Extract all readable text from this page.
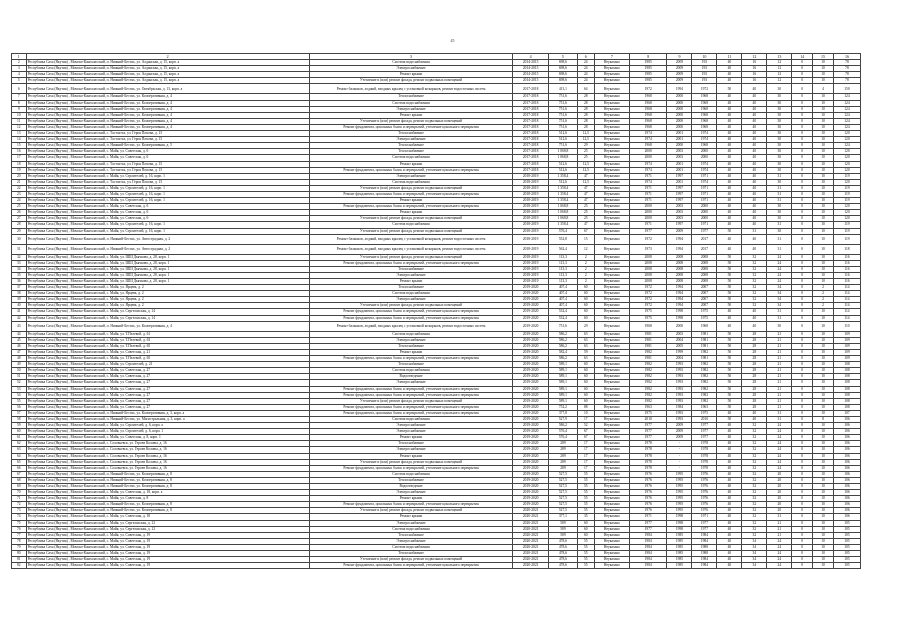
45
1	2	3	4	5	6	7	8	9	10	11	12	13	14	15	16
2	Республика Саха (Якутия) , Момско-Кангаласский, п. Нижний-Бестях, ул. Алданская, д. 15, корп. а	Система водоснабжения	2014-2015	698,6	24	Неуказано	1985	2009	193	40	16	12	0	10	78
3	Республика Саха (Якутия) , Момско-Кангаласский, п. Нижний-Бестях, ул. Алданская, д. 15, корп. а	Электроснабжение	2014-2015	698,6	24	Неуказано	1985	2009	193	40	16	12	0	10	78
4	Республика Саха (Якутия) , Момско-Кангаласский, п. Нижний-Бестях, ул. Алданская, д. 15, корп. а	Ремонт крыши	2014-2015	698,6	24	Неуказано	1985	2009	193	40	16	12	0	10	78
5	Республика Саха (Якутия) , Момско-Кангаласский, п. Нижний-Бестях, ул. Алданская, д. 15, корп. а	Утепление и (или) ремонт фасада, ремонт подвальных помещений	2014-2015	698,6	24	Неуказано	1985	2009	193	40	16	12	0	10	78
6	Республика Саха (Якутия) , Момско-Кангаласский, п. Нижний-Бестях, ул. Октябрьская, д. 13, корп. а	Ремонт балконов, лоджий, входных крылец с установкой козырьков, ремонт водосточных систем	2017-2018	413,1	64	Неуказано	1972	1994	1972	50	40	30	0	4	150
7	Республика Саха (Якутия) , Момско-Кангаласский, п. Нижний-Бестях, ул. Кооперативная, д. 4	Теплоснабжение	2017-2018	751,6	28	Неуказано	1968	2000	1968	40	40	30	0	10	124
8	Республика Саха (Якутия) , Момско-Кангаласский, п. Нижний-Бестях, ул. Кооперативная, д. 4	Система водоснабжения	2017-2018	751,6	28	Неуказано	1968	2000	1968	40	40	30	0	10	124
9	Республика Саха (Якутия) , Момско-Кангаласский, п. Нижний-Бестях, ул. Кооперативная, д. 4	Электроснабжение	2017-2018	751,6	28	Неуказано	1968	2000	1968	40	40	30	0	10	124
10	Республика Саха (Якутия) , Момско-Кангаласский, п. Нижний-Бестях, ул. Кооперативная, д. 4	Ремонт крыши	2017-2018	751,6	28	Неуказано	1968	2000	1968	40	40	30	0	10	124
11	Республика Саха (Якутия) , Момско-Кангаласский, п. Нижний-Бестях, ул. Кооперативная, д. 4	Утепление и (или) ремонт фасада, ремонт подвальных помещений	2017-2018	751,6	28	Неуказано	1968	2000	1968	40	40	30	0	10	124
12	Республика Саха (Якутия) , Момско-Кангаласский, п. Нижний-Бестях, ул. Кооперативная, д. 4	Ремонт фундамента, цокольных балок и перекрытий, утепление цокольного перекрытия	2017-2018	751,6	28	Неуказано	1968	2000	1968	40	40	30	0	10	124
13	Республика Саха (Якутия) , Момско-Кангаласский, с. Тастахтах, ул. Героя Попова, д. 15	Теплоснабжение	2017-2018	512,6	12,5	Неуказано	1974	2001	1974	40	40	30	0	10	120
14	Республика Саха (Якутия) , Момско-Кангаласский, с. Тастахтах, ул. Героя Попова, д. 15	Электроснабжение	2017-2018	512,6	12,5	Неуказано	1974	2001	1974	40	40	30	0	10	120
15	Республика Саха (Якутия) , Момско-Кангаласский, п. Нижний-Бестях, ул. Кооперативная, д. 5	Теплоснабжение	2017-2018	751,6	29	Неуказано	1968	2000	1968	40	40	30	0	10	124
16	Республика Саха (Якутия) , Момско-Кангаласский, с. Майя, ул. Советская, д. 6	Теплоснабжение	2017-2018	1 068,8	25	Неуказано	2000	2003	2000	40	40	30	0	10	120
17	Республика Саха (Якутия) , Момско-Кангаласский, с. Майя, ул. Советская, д. 6	Система водоснабжения	2017-2018	1 068,8	25	Неуказано	2000	2003	2000	40	40	30	0	10	120
18	Республика Саха (Якутия) , Момско-Кангаласский, с. Тастахтах, ул. Героя Попова, д. 15	Ремонт крыши	2017-2018	512,6	12,5	Неуказано	1974	2001	1974	40	40	30	0	10	120
19	Республика Саха (Якутия) , Момско-Кангаласский, с. Тастахтах, ул. Героя Попова, д. 15	Ремонт фундамента, цокольных балок и перекрытий, утепление цокольного перекрытия	2017-2018	512,6	12,5	Неуказано	1974	2001	1974	40	40	30	0	10	120
20	Республика Саха (Якутия) , Момско-Кангаласский, с. Майя, ул. Строителей, д. 16, корп. 1	Электроснабжение	2018-2019	1 358,4	47	Неуказано	1971	1997	1971	40	40	31	0	10	119
21	Республика Саха (Якутия) , Момско-Кангаласский, с. Тастахтах, ул. Героя Попова, д. 15	Система водоснабжения	2018-2019	512,6	12,5	Неуказано	1974	2001	1974	40	40	30	0	10	120
22	Республика Саха (Якутия) , Момско-Кангаласский, с. Майя, ул. Строителей, д. 16, корп. 1	Утепление и (или) ремонт фасада, ремонт подвальных помещений	2018-2019	1 358,4	47	Неуказано	1971	1997	1971	40	40	31	0	10	119
23	Республика Саха (Якутия) , Момско-Кангаласский, с. Майя, ул. Строителей, д. 16, корп. 1	Ремонт фундамента, цокольных балок и перекрытий, утепление цокольного перекрытия	2018-2019	1 358,4	47	Неуказано	1971	1997	1971	40	40	31	0	10	119
24	Республика Саха (Якутия) , Момско-Кангаласский, с. Майя, ул. Строителей, д. 16, корп. 1	Ремонт крыши	2018-2019	1 358,4	47	Неуказано	1971	1997	1971	40	40	31	0	10	119
25	Республика Саха (Якутия) , Момско-Кангаласский, с. Майя, ул. Советская, д. 6	Ремонт фундамента, цокольных балок и перекрытий, утепление цокольного перекрытия	2018-2019	1 068,8	25	Неуказано	2000	2003	2000	40	40	30	0	10	120
26	Республика Саха (Якутия) , Момско-Кангаласский, с. Майя, ул. Советская, д. 6	Ремонт крыши	2018-2019	1 068,8	25	Неуказано	2000	2003	2000	40	40	30	0	10	120
27	Республика Саха (Якутия) , Момско-Кангаласский, с. Майя, ул. Советская, д. 6	Утепление и (или) ремонт фасада, ремонт подвальных помещений	2018-2019	1 068,8	25	Неуказано	2000	2003	2000	40	40	30	0	10	120
28	Республика Саха (Якутия) , Момско-Кангаласский, с. Майя, ул. Строителей, д. 16, корп. 1	Система водоснабжения	2018-2019	1 358,4	47	Неуказано	1971	1997	1971	40	40	31	0	10	119
29	Республика Саха (Якутия) , Момско-Кангаласский, с. Майя, ул. Строителей, д. 16, корп. 1	Утепление и (или) ремонт фасада, ремонт подвальных помещений	2018-2019	576,4	67	Неуказано	1977	2009	1977	50	31	30	0	10	119
30	Республика Саха (Якутия) , Момско-Кангаласский, п. Нижний-Бестях, ул. Автострадная, д. 2	Ремонт балконов, лоджий, входных крылец с установкой козырьков, ремонт водосточных систем	2018-2019	552,8	15	Неуказано	1972	1994	2017	40	40	31	0	10	119
31	Республика Саха (Якутия) , Момско-Кангаласский, п. Нижний-Бестях, ул. Автострадная, д. 2	Ремонт балконов, лоджий, входных крылец с установкой козырьков, ремонт водосточных систем	2018-2019	562,4	12	Неуказано	1973	1994	2017	40	40	31	0	10	118
32	Республика Саха (Якутия) , Момско-Кангаласский, с. Майя, ул. ШШ Дьячкова, д. 28, корп. 1	Утепление и (или) ремонт фасада, ремонт подвальных помещений	2018-2019	113,3	2	Неуказано	2008	2008	2008	50	32	24	0	10	116
33	Республика Саха (Якутия) , Момско-Кангаласский, с. Майя, ул. ШШ Дьячкова, д. 28, корп. 1	Ремонт фундамента, цокольных балок и перекрытий, утепление цокольного перекрытия	2018-2019	113,3	2	Неуказано	2008	2008	2008	50	32	24	0	10	116
34	Республика Саха (Якутия) , Момско-Кангаласский, с. Майя, ул. ШШ Дьячкова, д. 28, корп. 1	Теплоснабжение	2018-2019	113,3	2	Неуказано	2008	2008	2008	50	32	24	0	10	116
35	Республика Саха (Якутия) , Момско-Кангаласский, с. Майя, ул. ШШ Дьячкова, д. 28, корп. 1	Электроснабжение	2018-2019	113,3	2	Неуказано	2008	2008	2008	50	32	24	0	10	116
36	Республика Саха (Якутия) , Момско-Кангаласский, с. Майя, ул. ШШ Дьячкова, д. 28, корп. 1	Ремонт крыши	2018-2019	113,3	2	Неуказано	2008	2008	2008	50	32	24	0	10	116
37	Республика Саха (Якутия) , Момско-Кангаласский, с. Майя, ул. Ярцева, д. 2	Теплоснабжение	2019-2020	407,4	60	Неуказано	1972	1994	2007	50	32	34	0	2	114
38	Республика Саха (Якутия) , Момско-Кангаласский, с. Майя, ул. Ярцева, д. 2	Система водоснабжения	2019-2020	407,4	60	Неуказано	1972	1994	2007	50	32	34	0	2	114
39	Республика Саха (Якутия) , Момско-Кангаласский, с. Майя, ул. Ярцева, д. 2	Электроснабжение	2019-2020	407,4	60	Неуказано	1972	1994	2007	50	32	34	0	2	114
40	Республика Саха (Якутия) , Момско-Кангаласский, с. Майя, ул. Ярцева, д. 2	Утепление и (или) ремонт фасада, ремонт подвальных помещений	2019-2020	407,4	60	Неуказано	1972	1994	2007	50	32	34	0	2	114
41	Республика Саха (Якутия) , Момско-Кангаласский, с. Майя, ул. Сергеляхская, д. 14	Ремонт фундамента, цокольных балок и перекрытий, утепление цокольного перекрытия	2019-2020	532,4	60	Неуказано	1975	1998	1975	40	40	31	0	10	114
42	Республика Саха (Якутия) , Момско-Кангаласский, с. Майя, ул. Сергеляхская, д. 14	Ремонт фундамента, цокольных балок и перекрытий, утепление цокольного перекрытия	2019-2020	532,4	60	Неуказано	1975	1998	1975	40	40	31	0	10	114
43	Республика Саха (Якутия) , Момско-Кангаласский, п. Нижний-Бестях, ул. Кооперативная, д. 4	Ремонт балконов, лоджий, входных крылец с установкой козырьков, ремонт водосточных систем	2019-2020	751,6	29	Неуказано	1968	2000	1968	40	40	30	0	10	110
44	Республика Саха (Якутия) , Момско-Кангаласский, с. Майя, ул. Т.Пелевой, д. 61	Система водоснабжения	2019-2020	586,2	63	Неуказано	1981	2003	1981	50	28	21	0	10	109
45	Республика Саха (Якутия) , Момско-Кангаласский, с. Майя, ул. Т.Пелевой, д. 63	Электроснабжение	2019-2020	586,2	63	Неуказано	1981	2004	1981	50	28	21	0	10	109
46	Республика Саха (Якутия) , Момско-Кангаласский, с. Майя, ул. Т.Пелевой, д. 65	Теплоснабжение	2019-2020	586,2	63	Неуказано	1981	2005	1981	50	28	21	0	10	109
47	Республика Саха (Якутия) , Момско-Кангаласский, с. Майя, ул. Советская, д. 21	Ремонт крыши	2019-2020	582,4	59	Неуказано	1982	1999	1982	50	28	21	0	10	109
48	Республика Саха (Якутия) , Момско-Кангаласский, с. Майя, ул. Т.Пелевой, д. 65	Ремонт фундамента, цокольных балок и перекрытий, утепление цокольного перекрытия	2019-2020	586,2	63	Неуказано	1981	2004	1981	50	28	21	0	10	109
49	Республика Саха (Якутия) , Момско-Кангаласский, с. Майя, ул. Строителей, д. 21	Теплоснабжение	2019-2020	589,1	60	Неуказано	1982	1993	1982	50	28	21	0	10	108
50	Республика Саха (Якутия) , Момско-Кангаласский, с. Майя, ул. Советская, д. 27	Система водоснабжения	2019-2020	589,1	60	Неуказано	1982	1993	1982	50	28	21	0	10	108
51	Республика Саха (Якутия) , Момско-Кангаласский, с. Майя, ул. Советская, д. 27	Водоотведение	2019-2020	589,1	60	Неуказано	1982	1993	1982	50	28	21	0	10	108
52	Республика Саха (Якутия) , Момско-Кангаласский, с. Майя, ул. Советская, д. 27	Электроснабжение	2019-2020	589,1	60	Неуказано	1982	1993	1982	50	28	21	0	10	108
53	Республика Саха (Якутия) , Момско-Кангаласский, с. Майя, ул. Советская, д. 27	Ремонт фундамента, цокольных балок и перекрытий, утепление цокольного перекрытия	2019-2020	589,1	60	Неуказано	1982	1993	1982	50	28	21	0	10	108
54	Республика Саха (Якутия) , Момско-Кангаласский, с. Майя, ул. Советская, д. 27	Ремонт фундамента, цокольных балок и перекрытий, утепление цокольного перекрытия	2019-2020	589,1	60	Неуказано	1982	1993	1982	50	28	21	0	10	108
55	Республика Саха (Якутия) , Момско-Кангаласский, с. Майя, ул. Советская, д. 27	Утепление и (или) ремонт фасада, ремонт подвальных помещений	2019-2020	589,1	60	Неуказано	1982	1993	1982	50	28	21	0	10	108
56	Республика Саха (Якутия) , Момско-Кангаласский, с. Майя, ул. Советская, д. 27	Ремонт фундамента, цокольных балок и перекрытий, утепление цокольного перекрытия	2019-2020	752,2	88	Неуказано	1963	1984	1963	50	28	21	0	10	108
57	Республика Саха (Якутия) , Момско-Кангаласский, п. Нижний-Бестях, ул. Кооперативная, д. 3, корп. а	Ремонт фундамента, цокольных балок и перекрытий, утепление цокольного перекрытия	2019-2020	377,8	10	Неуказано	1975	1993	1975	40	40	31	0	10	107
58	Республика Саха (Якутия) , Момско-Кангаласский, п. Нижний-Бестях, ул. Магистральная, д. 3, корп. а	Система водоснабжения	2019-2020	527,9	17	Неуказано	2010	1993	2010	50	40	31	0	8	106
59	Республика Саха (Якутия) , Момско-Кангаласский, с. Майя, ул. Строителей, д. 6, корп. а	Электроснабжение	2019-2020	586,2	52	Неуказано	1977	2009	1977	40	32	24	0	10	106
60	Республика Саха (Якутия) , Момско-Кангаласский, с. Майя, ул. Строителей, д. 6, корп. 1	Электроснабжение	2019-2020	576,4	67	Неуказано	1977	2009	1977	40	32	24	0	10	106
61	Республика Саха (Якутия) , Момско-Кангаласский, с. Майя, ул. Советская, д. 8, корп. 1	Ремонт крыши	2019-2020	576,4	67	Неуказано	1977	2009	1977	40	32	24	0	10	106
62	Республика Саха (Якутия) , Момско-Кангаласский, с. Соловьевск, ул. Героев Коловы, д. 16	Теплоснабжение	2019-2020	289	17	Неуказано	1978	-	1978	40	32	24	0	10	106
63	Республика Саха (Якутия) , Момско-Кангаласский, с. Соловьевск, ул. Героев Коловы, д. 16	Электроснабжение	2019-2020	289	17	Неуказано	1978	-	1978	40	32	24	0	10	106
64	Республика Саха (Якутия) , Момско-Кангаласский, с. Соловьевск, ул. Героев Коловы, д. 16	Ремонт крыши	2019-2020	289	17	Неуказано	1978	-	1978	40	32	24	0	10	106
65	Республика Саха (Якутия) , Момско-Кангаласский, с. Соловьевск, ул. Героев Коловы, д. 16	Утепление и (или) ремонт фасада, ремонт подвальных помещений	2019-2020	289	17	Неуказано	1978	-	1978	40	32	24	0	10	106
66	Республика Саха (Якутия) , Момско-Кангаласский, с. Соловьевск, ул. Героев Коловы, д. 16	Ремонт фундамента, цокольных балок и перекрытий, утепление цокольного перекрытия	2019-2020	289	17	Неуказано	1978	-	1978	40	32	24	0	10	106
67	Республика Саха (Якутия) , Момско-Кангаласский, п. Нижний-Бестях, ул. Кооперативная, д. 8	Система водоснабжения	2019-2020	527,5	55	Неуказано	1976	1995	1976	40	32	20	0	10	106
68	Республика Саха (Якутия) , Момско-Кангаласский, п. Нижний-Бестях, ул. Кооперативная, д. 8	Теплоснабжение	2019-2020	527,5	55	Неуказано	1976	1995	1976	40	32	20	0	10	106
69	Республика Саха (Якутия) , Момско-Кангаласский, п. Нижний-Бестях, ул. Кооперативная, д. 8	Водоотведение	2019-2020	527,5	55	Неуказано	1976	1995	1976	40	32	20	0	10	106
70	Республика Саха (Якутия) , Момско-Кангаласский, с. Майя, ул. Советская, д. 18, корп. а	Электроснабжение	2019-2020	527,5	55	Неуказано	1976	1995	1976	40	32	20	0	10	106
71	Республика Саха (Якутия) , Момско-Кангаласский, с. Майя, ул. Советская, д. 8	Ремонт крыши	2019-2020	527,5	55	Неуказано	1976	1995	1976	40	32	20	0	10	106
72	Республика Саха (Якутия) , Момско-Кангаласский, п. Нижний-Бестях, ул. Кооперативная, д. 8	Ремонт фундамента, цокольных балок и перекрытий, утепление цокольного перекрытия	2019-2020	527,5	55	Неуказано	1976	1995	1976	40	32	20	0	10	106
73	Республика Саха (Якутия) , Момско-Кангаласский, п. Нижний-Бестях, ул. Кооперативная, д. 8	Утепление и (или) ремонт фасада, ремонт подвальных помещений	2020-2021	527,5	55	Неуказано	1976	1995	1976	40	32	20	0	10	106
74	Республика Саха (Якутия) , Момско-Кангаласский, с. Майя, ул. Советская, д. 18	Ремонт крыши	2020-2021	377,1	35	Неуказано	1971	1998	1971	40	32	31	0	10	106
75	Республика Саха (Якутия) , Момско-Кангаласский, с. Майя, ул. Сергеляхская, д. 12	Электроснабжение	2020-2021	589	60	Неуказано	1977	1998	1977	40	32	21	0	10	105
76	Республика Саха (Якутия) , Момско-Кангаласский, с. Майя, ул. Сергеляхская, д. 12	Система водоснабжения	2020-2021	589	60	Неуказано	1977	1998	1977	40	32	21	0	10	105
77	Республика Саха (Якутия) , Момско-Кангаласский, с. Майя, ул. Советская, д. 19	Теплоснабжение	2020-2021	589	60	Неуказано	1984	1985	1984	40	32	21	0	10	105
78	Республика Саха (Якутия) , Момско-Кангаласский, с. Майя, ул. Советская, д. 19	Электроснабжение	2020-2021	478,6	55	Неуказано	1984	1985	1984	40	34	24	0	10	105
79	Республика Саха (Якутия) , Момско-Кангаласский, с. Майя, ул. Советская, д. 19	Система водоснабжения	2020-2021	478,6	55	Неуказано	1984	1985	1988	40	34	24	0	10	105
80	Республика Саха (Якутия) , Момско-Кангаласский, с. Майя, ул. Советская, д. 19	Теплоснабжение	2020-2021	478,6	55	Неуказано	1984	1985	1988	40	34	24	0	10	105
81	Республика Саха (Якутия) , Момско-Кангаласский, с. Майя, ул. Советская, д. 19	Утепление и (или) ремонт фасада, ремонт подвальных помещений	2020-2021	478,6	55	Неуказано	1984	1985	1984	40	34	24	0	10	105
82	Республика Саха (Якутия) , Момско-Кангаласский, с. Майя, ул. Советская, д. 19	Ремонт фундамента, цокольных балок и перекрытий, утепление цокольного перекрытия	2020-2021	478,6	55	Неуказано	1984	1985	1984	40	34	24	0	10	105
